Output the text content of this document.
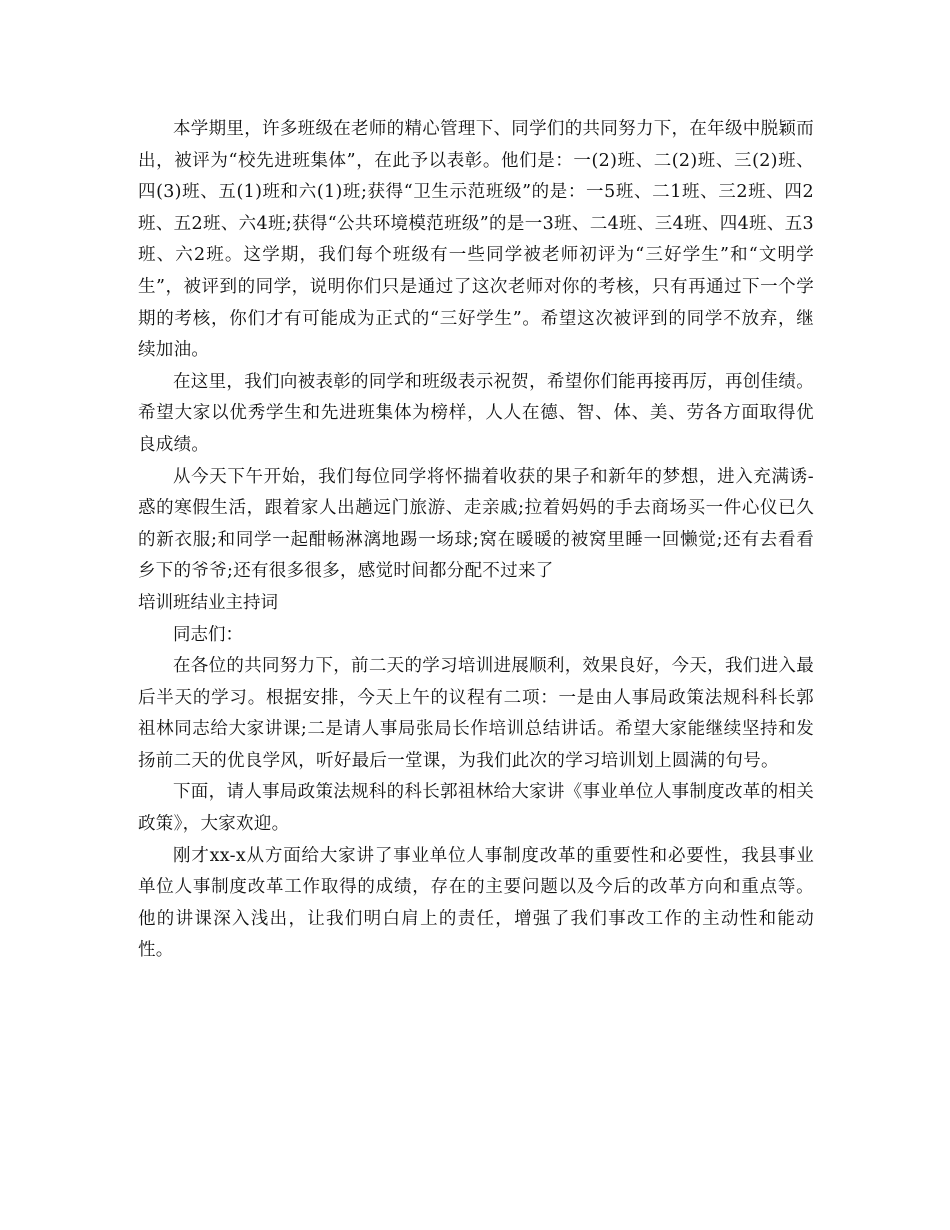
本学期里，许多班级在老师的精心管理下、同学们的共同努力下，在年级中脱颖而出，被评为“校先进班集体”，在此予以表彰。他们是：一(2)班、二(2)班、三(2)班、四(3)班、五(1)班和六(1)班;获得“卫生示范班级”的是：一5班、二1班、三2班、四2班、五2班、六4班;获得“公共环境模范班级”的是一3班、二4班、三4班、四4班、五3班、六2班。这学期，我们每个班级有一些同学被老师初评为“三好学生”和“文明学生”，被评到的同学，说明你们只是通过了这次老师对你的考核，只有再通过下一个学期的考核，你们才有可能成为正式的“三好学生”。希望这次被评到的同学不放弃，继续加油。

在这里，我们向被表彰的同学和班级表示祝贺，希望你们能再接再厉，再创佳绩。希望大家以优秀学生和先进班集体为榜样，人人在德、智、体、美、劳各方面取得优良成绩。

从今天下午开始，我们每位同学将怀揣着收获的果子和新年的梦想，进入充满诱-惑的寒假生活，跟着家人出趟远门旅游、走亲戚;拉着妈妈的手去商场买一件心仪已久的新衣服;和同学一起酣畅淋漓地踢一场球;窝在暖暖的被窝里睡一回懒觉;还有去看看乡下的爷爷;还有很多很多，感觉时间都分配不过来了

培训班结业主持词

同志们：

在各位的共同努力下，前二天的学习培训进展顺利，效果良好，今天，我们进入最后半天的学习。根据安排，今天上午的议程有二项：一是由人事局政策法规科科长郭祖林同志给大家讲课;二是请人事局张局长作培训总结讲话。希望大家能继续坚持和发扬前二天的优良学风，听好最后一堂课，为我们此次的学习培训划上圆满的句号。

下面，请人事局政策法规科的科长郭祖林给大家讲《事业单位人事制度改革的相关政策》，大家欢迎。

刚才xx-x从方面给大家讲了事业单位人事制度改革的重要性和必要性，我县事业单位人事制度改革工作取得的成绩，存在的主要问题以及今后的改革方向和重点等。他的讲课深入浅出，让我们明白肩上的责任，增强了我们事改工作的主动性和能动性。
